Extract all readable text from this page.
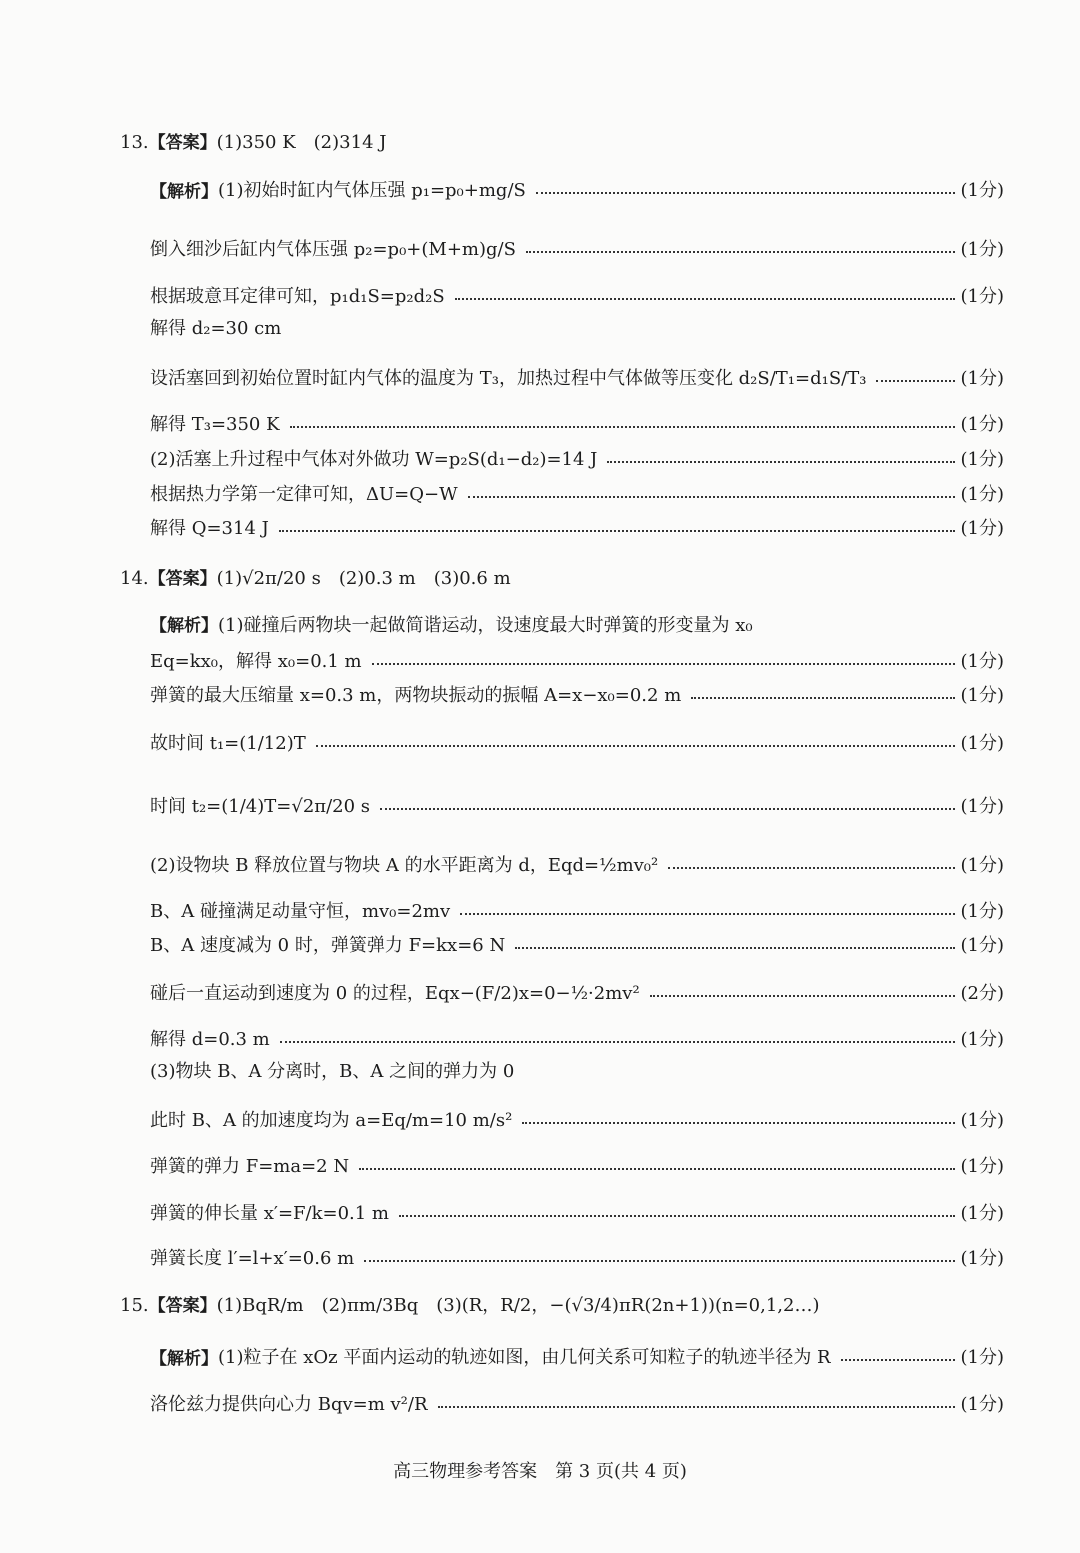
13.【答案】(1)350 K　(2)314 J
【解析】 (1)初始时缸内气体压强 p₁=p₀+mg/S	(1分)
倒入细沙后缸内气体压强 p₂=p₀+(M+m)g/S	(1分)
根据玻意耳定律可知，p₁d₁S=p₂d₂S	(1分)
解得 d₂=30 cm
设活塞回到初始位置时缸内气体的温度为 T₃，加热过程中气体做等压变化 d₂S/T₁=d₁S/T₃	(1分)
解得 T₃=350 K	(1分)
(2)活塞上升过程中气体对外做功 W=p₂S(d₁−d₂)=14 J	(1分)
根据热力学第一定律可知，ΔU=Q−W	(1分)
解得 Q=314 J	(1分)
14.【答案】(1)√2π/20 s　(2)0.3 m　(3)0.6 m
【解析】(1)碰撞后两物块一起做简谐运动，设速度最大时弹簧的形变量为 x₀
Eq=kx₀，解得 x₀=0.1 m	(1分)
弹簧的最大压缩量 x=0.3 m，两物块振动的振幅 A=x−x₀=0.2 m	(1分)
故时间 t₁=(1/12)T	(1分)
时间 t₂=(1/4)T=√2π/20 s	(1分)
(2)设物块 B 释放位置与物块 A 的水平距离为 d，Eqd=½mv₀²	(1分)
B、A 碰撞满足动量守恒，mv₀=2mv	(1分)
B、A 速度减为 0 时，弹簧弹力 F=kx=6 N	(1分)
碰后一直运动到速度为 0 的过程，Eqx−(F/2)x=0−½·2mv²	(2分)
解得 d=0.3 m	(1分)
(3)物块 B、A 分离时，B、A 之间的弹力为 0
此时 B、A 的加速度均为 a=Eq/m=10 m/s²	(1分)
弹簧的弹力 F=ma=2 N	(1分)
弹簧的伸长量 x′=F/k=0.1 m	(1分)
弹簧长度 l′=l+x′=0.6 m	(1分)
15.【答案】(1)BqR/m　(2)πm/3Bq　(3)(R，R/2，−(√3/4)πR(2n+1))(n=0,1,2…)
【解析】 (1)粒子在 xOz 平面内运动的轨迹如图，由几何关系可知粒子的轨迹半径为 R	(1分)
洛伦兹力提供向心力 Bqv=m v²/R	(1分)
高三物理参考答案　第 3 页(共 4 页)
